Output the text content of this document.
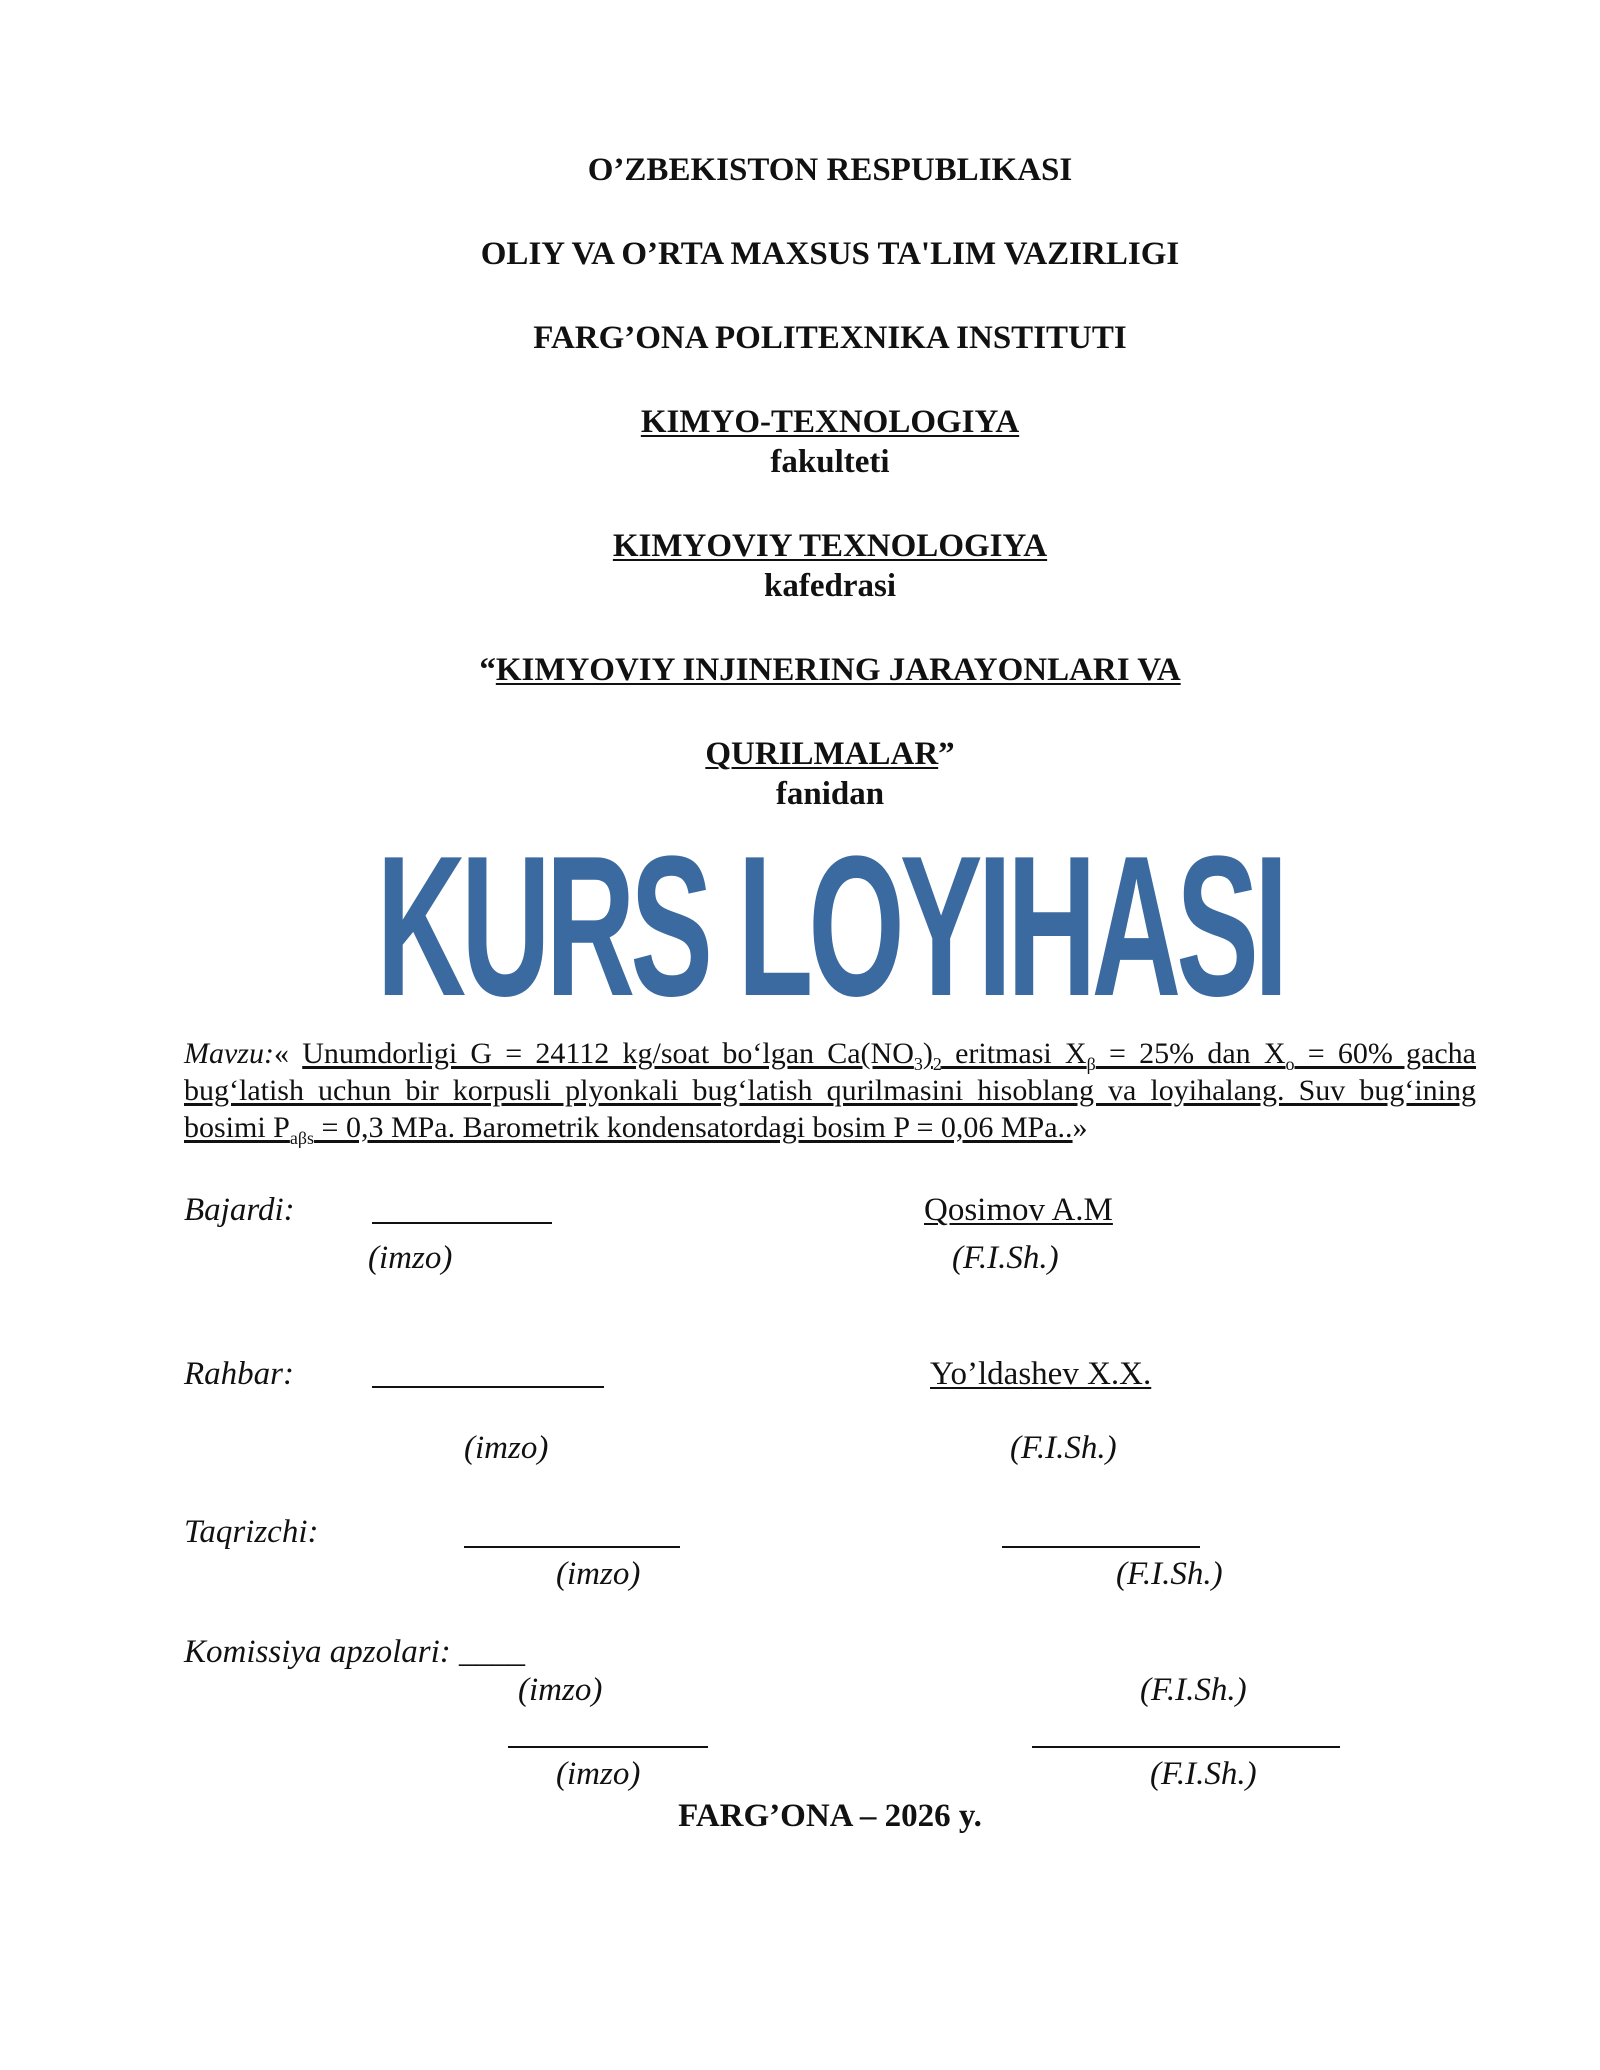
O’ZBEKISTON RESPUBLIKASI
OLIY VA O’RTA MAXSUS TA'LIM VAZIRLIGI
FARG’ONA POLITEXNIKA INSTITUTI
KIMYO-TEXNOLOGIYA
fakulteti
KIMYOVIY TEXNOLOGIYA
kafedrasi
“KIMYOVIY INJINERING JARAYONLARI VA
QURILMALAR”
fanidan
KURS LOYIHASI
Mavzu:« Unumdorligi G = 24112 kg/soat bo‘lgan $Ca(NO_3)_2$ eritmasi $X_\beta = 25\%$ dan $X_o = 60\%$ gacha bug‘latish uchun bir korpusli plyonkali bug‘latish qurilmasini hisoblang va loyihalang. Suv bug‘ining bosimi $P_{a\beta s} = 0,3$ MPa. Barometrik kondensatordagi bosim P = 0,06 MPa..»
Bajardi:	Qosimov A.M
(imzo)	(F.I.Sh.)
Rahbar:	Yo’ldashev X.X.
(imzo)	(F.I.Sh.)
Taqrizchi:
(imzo)	(F.I.Sh.)
Komissiya apzolari: ____
(imzo)	(F.I.Sh.)
(imzo)	(F.I.Sh.)
FARG’ONA – 2026 y.
